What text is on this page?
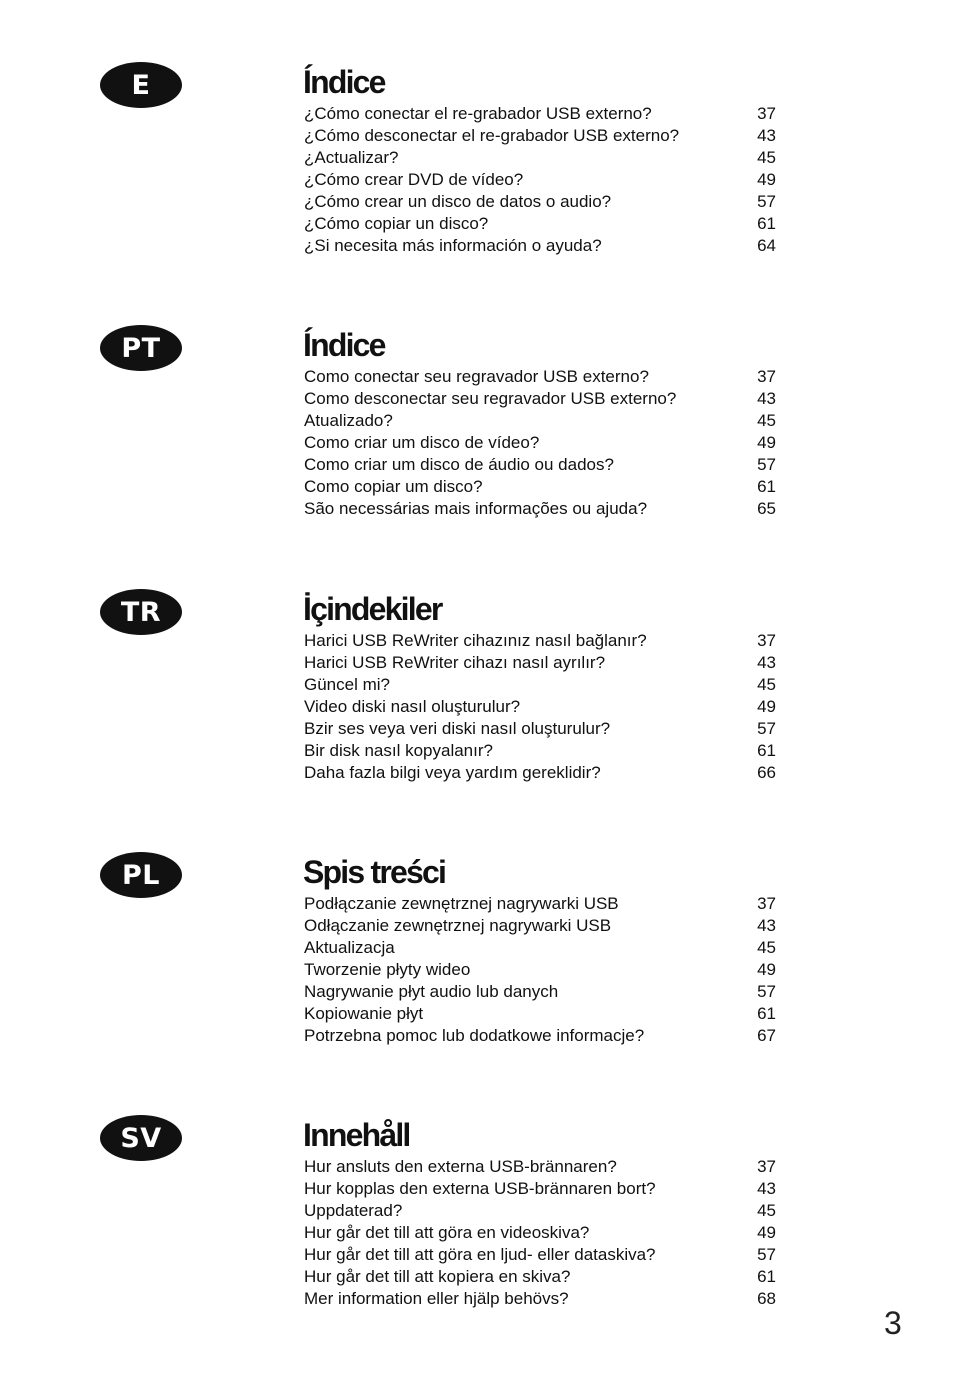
E	Índice
¿Cómo conectar el re-grabador USB externo?	37
¿Cómo desconectar el re-grabador USB externo?	43
¿Actualizar?	45
¿Cómo crear DVD de vídeo?	49
¿Cómo crear un disco de datos o audio?	57
¿Cómo copiar un disco?	61
¿Si necesita más información o ayuda?	64
PT	Índice
Como conectar seu regravador USB externo?	37
Como desconectar seu regravador USB externo?	43
Atualizado?	45
Como criar um disco de vídeo?	49
Como criar um disco de áudio ou dados?	57
Como copiar um disco?	61
São necessárias mais informações ou ajuda?	65
TR	İçindekiler
Harici USB ReWriter cihazınız nasıl bağlanır?	37
Harici USB ReWriter cihazı nasıl ayrılır?	43
Güncel mi?	45
Video diski nasıl oluşturulur?	49
Bzir ses veya veri diski nasıl oluşturulur?	57
Bir disk nasıl kopyalanır?	61
Daha fazla bilgi veya yardım gereklidir?	66
PL	Spis treści
Podłączanie zewnętrznej nagrywarki USB	37
Odłączanie zewnętrznej nagrywarki USB	43
Aktualizacja	45
Tworzenie płyty wideo	49
Nagrywanie płyt audio lub danych	57
Kopiowanie płyt	61
Potrzebna pomoc lub dodatkowe informacje?	67
SV	Innehåll
Hur ansluts den externa USB-brännaren?	37
Hur kopplas den externa USB-brännaren bort?	43
Uppdaterad?	45
Hur går det till att göra en videoskiva?	49
Hur går det till att göra en ljud- eller dataskiva?	57
Hur går det till att kopiera en skiva?	61
Mer information eller hjälp behövs?	68
3
